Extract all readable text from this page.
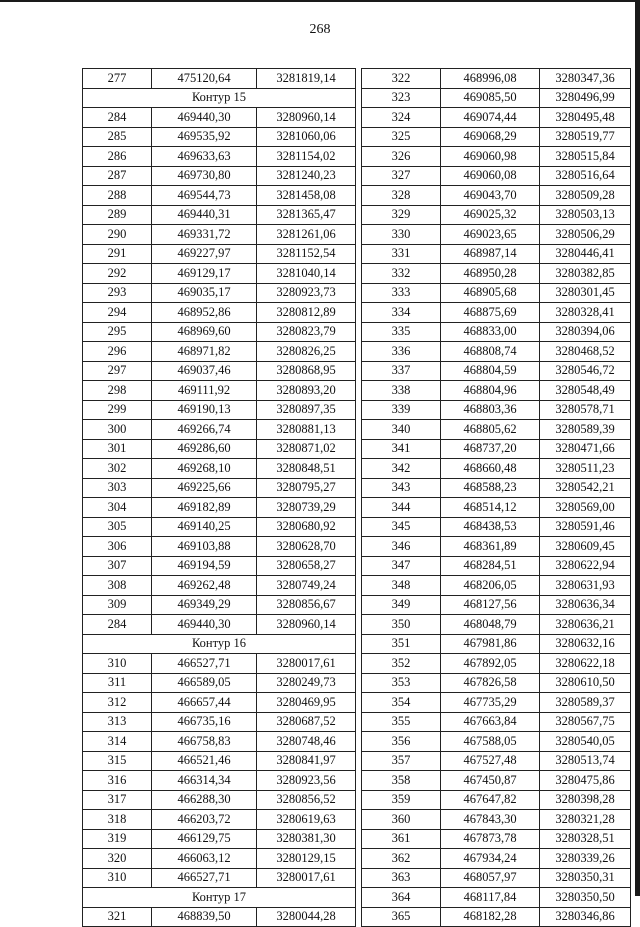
268
277	475120,64	3281819,14
Контур 15		
284	469440,30	3280960,14
285	469535,92	3281060,06
286	469633,63	3281154,02
287	469730,80	3281240,23
288	469544,73	3281458,08
289	469440,31	3281365,47
290	469331,72	3281261,06
291	469227,97	3281152,54
292	469129,17	3281040,14
293	469035,17	3280923,73
294	468952,86	3280812,89
295	468969,60	3280823,79
296	468971,82	3280826,25
297	469037,46	3280868,95
298	469111,92	3280893,20
299	469190,13	3280897,35
300	469266,74	3280881,13
301	469286,60	3280871,02
302	469268,10	3280848,51
303	469225,66	3280795,27
304	469182,89	3280739,29
305	469140,25	3280680,92
306	469103,88	3280628,70
307	469194,59	3280658,27
308	469262,48	3280749,24
309	469349,29	3280856,67
284	469440,30	3280960,14
Контур 16		
310	466527,71	3280017,61
311	466589,05	3280249,73
312	466657,44	3280469,95
313	466735,16	3280687,52
314	466758,83	3280748,46
315	466521,46	3280841,97
316	466314,34	3280923,56
317	466288,30	3280856,52
318	466203,72	3280619,63
319	466129,75	3280381,30
320	466063,12	3280129,15
310	466527,71	3280017,61
Контур 17		
321	468839,50	3280044,28
322	468996,08	3280347,36
323	469085,50	3280496,99
324	469074,44	3280495,48
325	469068,29	3280519,77
326	469060,98	3280515,84
327	469060,08	3280516,64
328	469043,70	3280509,28
329	469025,32	3280503,13
330	469023,65	3280506,29
331	468987,14	3280446,41
332	468950,28	3280382,85
333	468905,68	3280301,45
334	468875,69	3280328,41
335	468833,00	3280394,06
336	468808,74	3280468,52
337	468804,59	3280546,72
338	468804,96	3280548,49
339	468803,36	3280578,71
340	468805,62	3280589,39
341	468737,20	3280471,66
342	468660,48	3280511,23
343	468588,23	3280542,21
344	468514,12	3280569,00
345	468438,53	3280591,46
346	468361,89	3280609,45
347	468284,51	3280622,94
348	468206,05	3280631,93
349	468127,56	3280636,34
350	468048,79	3280636,21
351	467981,86	3280632,16
352	467892,05	3280622,18
353	467826,58	3280610,50
354	467735,29	3280589,37
355	467663,84	3280567,75
356	467588,05	3280540,05
357	467527,48	3280513,74
358	467450,87	3280475,86
359	467647,82	3280398,28
360	467843,30	3280321,28
361	467873,78	3280328,51
362	467934,24	3280339,26
363	468057,97	3280350,31
364	468117,84	3280350,50
365	468182,28	3280346,86
